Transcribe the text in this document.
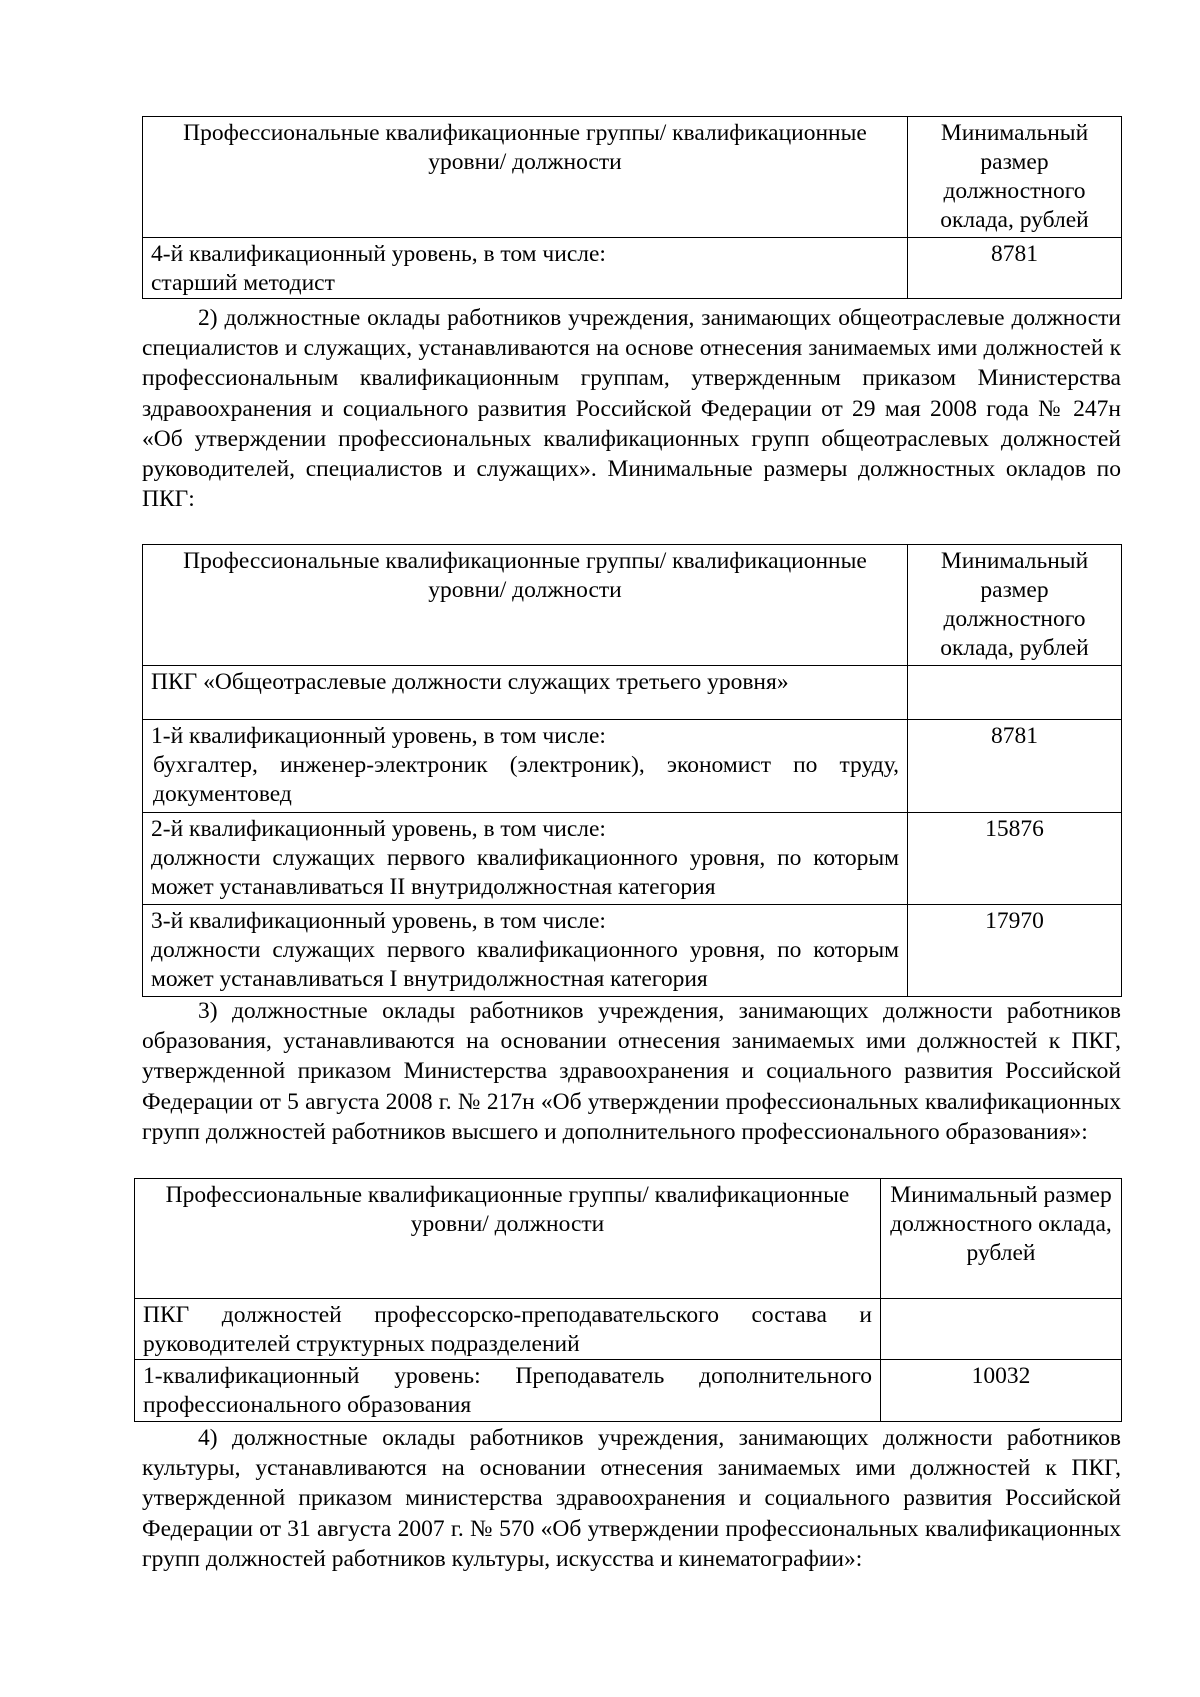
Профессиональные квалификационные группы/ квалификационные уровни/ должности	Минимальный размер должностного оклада, рублей

4-й квалификационный уровень, в том числе:
старший методист	8781

2) должностные оклады работников учреждения, занимающих общеотраслевые должности специалистов и служащих, устанавливаются на основе отнесения занимаемых ими должностей к профессиональным квалификационным группам, утвержденным приказом Министерства здравоохранения и социального развития Российской Федерации от 29 мая 2008 года № 247н «Об утверждении профессиональных квалификационных групп общеотраслевых должностей руководителей, специалистов и служащих». Минимальные размеры должностных окладов по ПКГ:

Профессиональные квалификационные группы/ квалификационные уровни/ должности	Минимальный размер должностного оклада, рублей
ПКГ «Общеотраслевые должности служащих третьего уровня»	

1-й квалификационный уровень, в том числе:
бухгалтер, инженер-электроник (электроник), экономист по труду, документовед	8781

2-й квалификационный уровень, в том числе:
должности служащих первого квалификационного уровня, по которым может устанавливаться II внутридолжностная категория	15876

3-й квалификационный уровень, в том числе:
должности служащих первого квалификационного уровня, по которым может устанавливаться I внутридолжностная категория	17970

3) должностные оклады работников учреждения, занимающих должности работников образования, устанавливаются на основании отнесения занимаемых ими должностей к ПКГ, утвержденной приказом Министерства здравоохранения и социального развития Российской Федерации от 5 августа 2008 г. № 217н «Об утверждении профессиональных квалификационных групп должностей работников высшего и дополнительного профессионального образования»:

Профессиональные квалификационные группы/ квалификационные уровни/ должности	Минимальный размер должностного оклада, рублей
ПКГ должностей профессорско-преподавательского состава и руководителей структурных подразделений	
1-квалификационный уровень: Преподаватель дополнительного профессионального образования	10032

4) должностные оклады работников учреждения, занимающих должности работников культуры, устанавливаются на основании отнесения занимаемых ими должностей к ПКГ, утвержденной приказом министерства здравоохранения и социального развития Российской Федерации от 31 августа 2007 г. № 570 «Об утверждении профессиональных квалификационных групп должностей работников культуры, искусства и кинематографии»:
